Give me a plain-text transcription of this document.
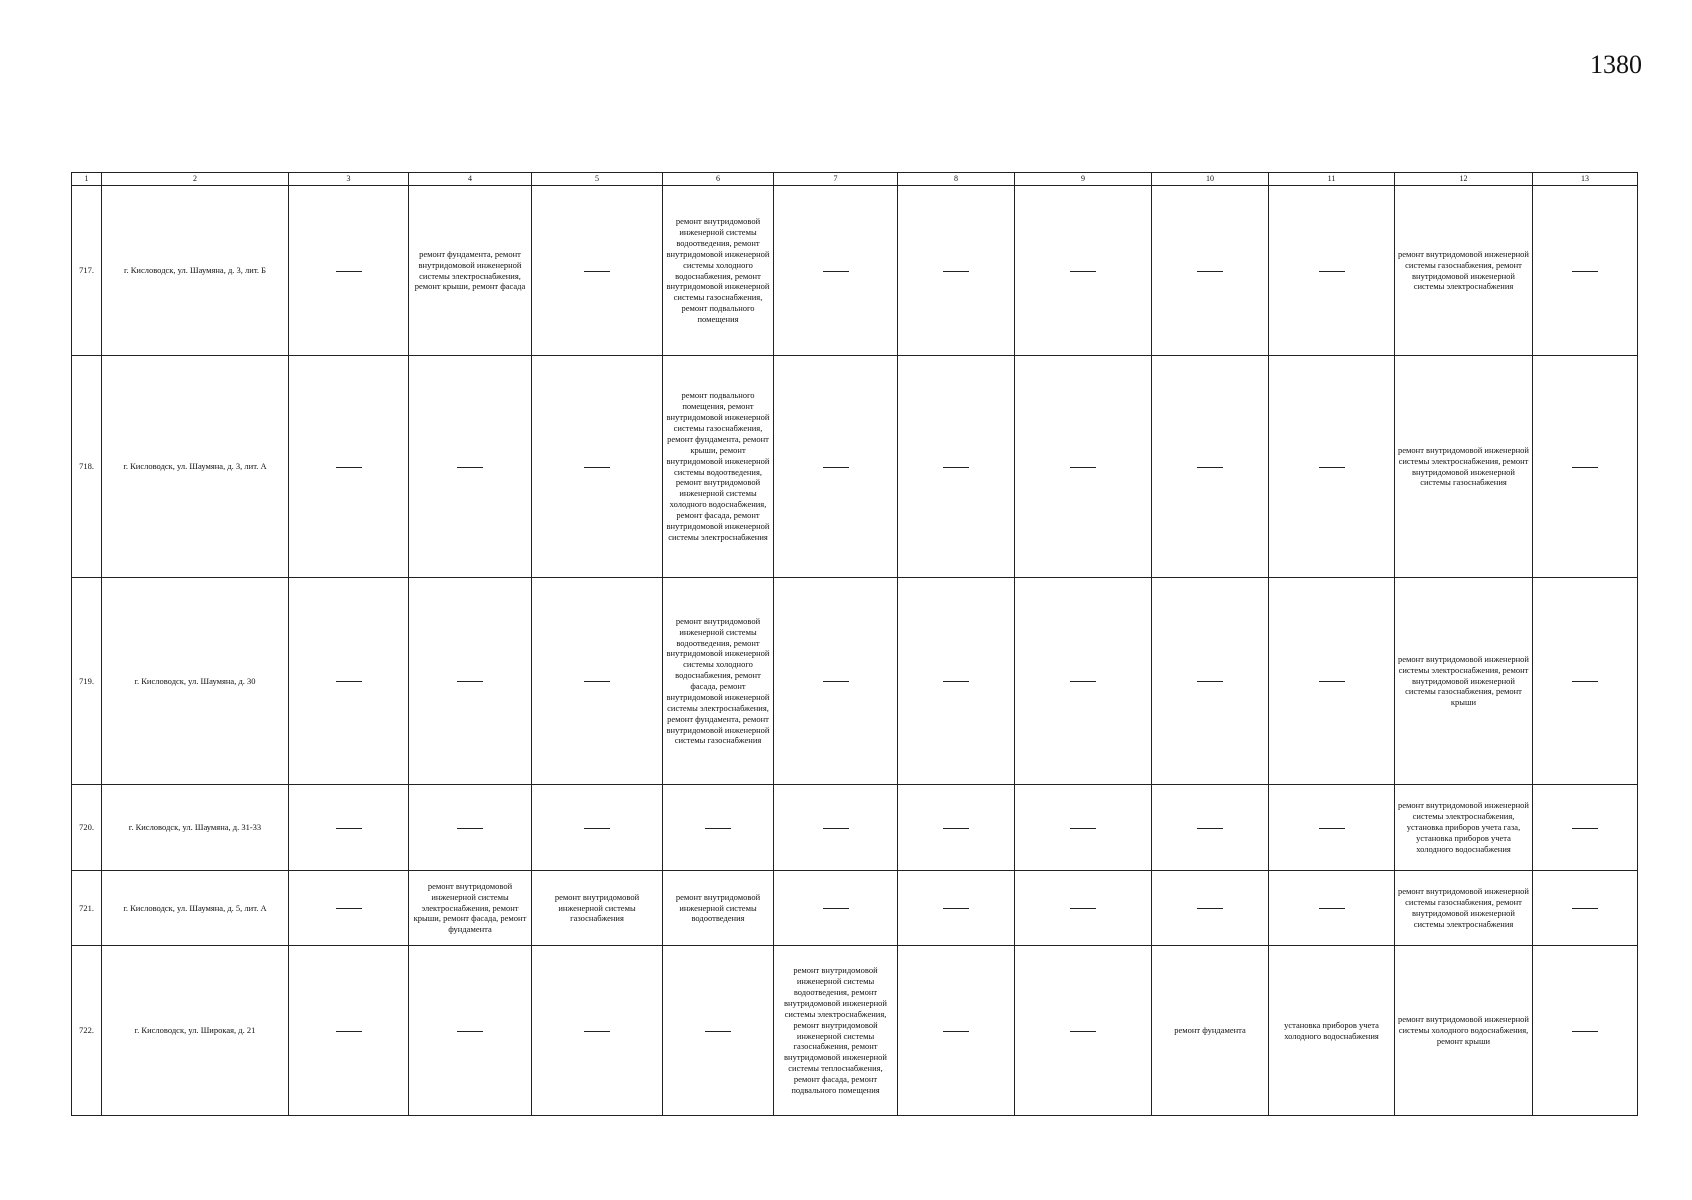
1380
1	2	3	4	5	6	7	8	9	10	11	12	13
717.	г. Кисловодск, ул. Шаумяна, д. 3, лит. Б		ремонт фундамента, ремонт внутридомовой инженерной системы электроснабжения, ремонт крыши, ремонт фасада		ремонт внутридомовой инженерной системы водоотведения, ремонт внутридомовой инженерной системы холодного водоснабжения, ремонт внутридомовой инженерной системы газоснабжения, ремонт подвального помещения						ремонт внутридомовой инженерной системы газоснабжения, ремонт внутридомовой инженерной системы электроснабжения	
718.	г. Кисловодск, ул. Шаумяна, д. 3, лит. А				ремонт подвального помещения, ремонт внутридомовой инженерной системы газоснабжения, ремонт фундамента, ремонт крыши, ремонт внутридомовой инженерной системы водоотведения, ремонт внутридомовой инженерной системы холодного водоснабжения, ремонт фасада, ремонт внутридомовой инженерной системы электроснабжения						ремонт внутридомовой инженерной системы электроснабжения, ремонт внутридомовой инженерной системы газоснабжения	
719.	г. Кисловодск, ул. Шаумяна, д. 30				ремонт внутридомовой инженерной системы водоотведения, ремонт внутридомовой инженерной системы холодного водоснабжения, ремонт фасада, ремонт внутридомовой инженерной системы электроснабжения, ремонт фундамента, ремонт внутридомовой инженерной системы газоснабжения						ремонт внутридомовой инженерной системы электроснабжения, ремонт внутридомовой инженерной системы газоснабжения, ремонт крыши	
720.	г. Кисловодск, ул. Шаумяна, д. 31-33										ремонт внутридомовой инженерной системы электроснабжения, установка приборов учета газа, установка приборов учета холодного водоснабжения	
721.	г. Кисловодск, ул. Шаумяна, д. 5, лит. А		ремонт внутридомовой инженерной системы электроснабжения, ремонт крыши, ремонт фасада, ремонт фундамента	ремонт внутридомовой инженерной системы газоснабжения	ремонт внутридомовой инженерной системы водоотведения						ремонт внутридомовой инженерной системы газоснабжения, ремонт внутридомовой инженерной системы электроснабжения	
722.	г. Кисловодск, ул. Широкая, д. 21					ремонт внутридомовой инженерной системы водоотведения, ремонт внутридомовой инженерной системы электроснабжения, ремонт внутридомовой инженерной системы газоснабжения, ремонт внутридомовой инженерной системы теплоснабжения, ремонт фасада, ремонт подвального помещения			ремонт фундамента	установка приборов учета холодного водоснабжения	ремонт внутридомовой инженерной системы холодного водоснабжения, ремонт крыши	
